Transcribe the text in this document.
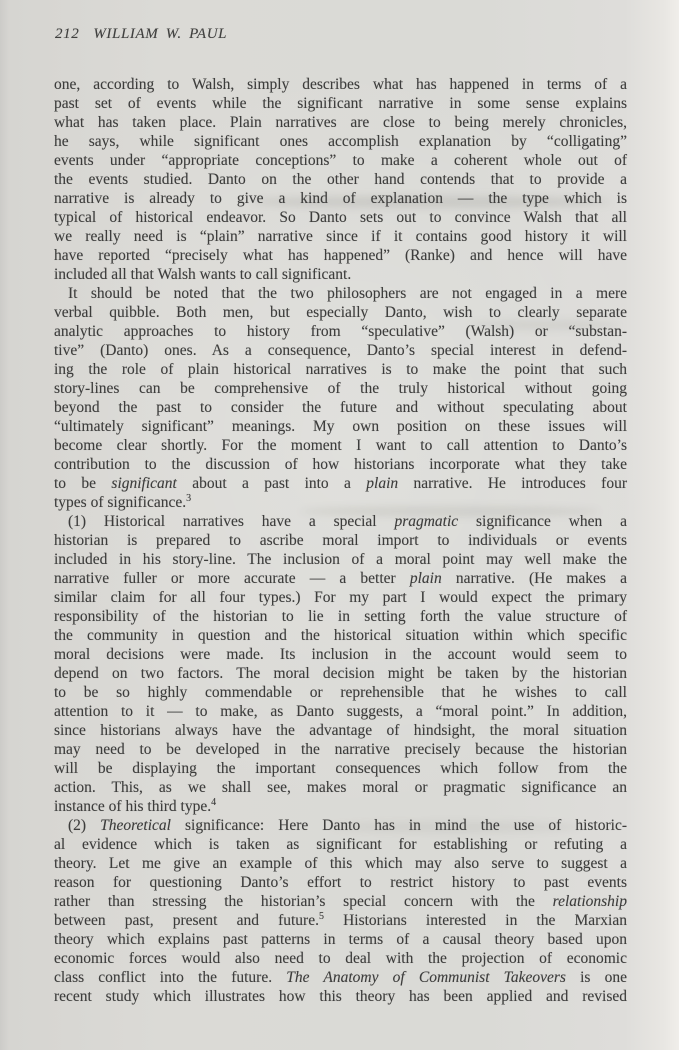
212 WILLIAM W. PAUL
one, according to Walsh, simply describes what has happened in terms of a
past set of events while the significant narrative in some sense explains
what has taken place. Plain narratives are close to being merely chronicles,
he says, while significant ones accomplish explanation by “colligating”
events under “appropriate conceptions” to make a coherent whole out of
the events studied. Danto on the other hand contends that to provide a
narrative is already to give a kind of explanation — the type which is
typical of historical endeavor. So Danto sets out to convince Walsh that all
we really need is “plain” narrative since if it contains good history it will
have reported “precisely what has happened” (Ranke) and hence will have
included all that Walsh wants to call significant.
It should be noted that the two philosophers are not engaged in a mere
verbal quibble. Both men, but especially Danto, wish to clearly separate
analytic approaches to history from “speculative” (Walsh) or “substan-
tive” (Danto) ones. As a consequence, Danto’s special interest in defend-
ing the role of plain historical narratives is to make the point that such
story-lines can be comprehensive of the truly historical without going
beyond the past to consider the future and without speculating about
“ultimately significant” meanings. My own position on these issues will
become clear shortly. For the moment I want to call attention to Danto’s
contribution to the discussion of how historians incorporate what they take
to be significant about a past into a plain narrative. He introduces four
types of significance.$^3$
(1) Historical narratives have a special pragmatic significance when a
historian is prepared to ascribe moral import to individuals or events
included in his story-line. The inclusion of a moral point may well make the
narrative fuller or more accurate — a better plain narrative. (He makes a
similar claim for all four types.) For my part I would expect the primary
responsibility of the historian to lie in setting forth the value structure of
the community in question and the historical situation within which specific
moral decisions were made. Its inclusion in the account would seem to
depend on two factors. The moral decision might be taken by the historian
to be so highly commendable or reprehensible that he wishes to call
attention to it — to make, as Danto suggests, a “moral point.” In addition,
since historians always have the advantage of hindsight, the moral situation
may need to be developed in the narrative precisely because the historian
will be displaying the important consequences which follow from the
action. This, as we shall see, makes moral or pragmatic significance an
instance of his third type.$^4$
(2) Theoretical significance: Here Danto has in mind the use of historic-
al evidence which is taken as significant for establishing or refuting a
theory. Let me give an example of this which may also serve to suggest a
reason for questioning Danto’s effort to restrict history to past events
rather than stressing the historian’s special concern with the relationship
between past, present and future.$^5$ Historians interested in the Marxian
theory which explains past patterns in terms of a causal theory based upon
economic forces would also need to deal with the projection of economic
class conflict into the future. The Anatomy of Communist Takeovers is one
recent study which illustrates how this theory has been applied and revised
